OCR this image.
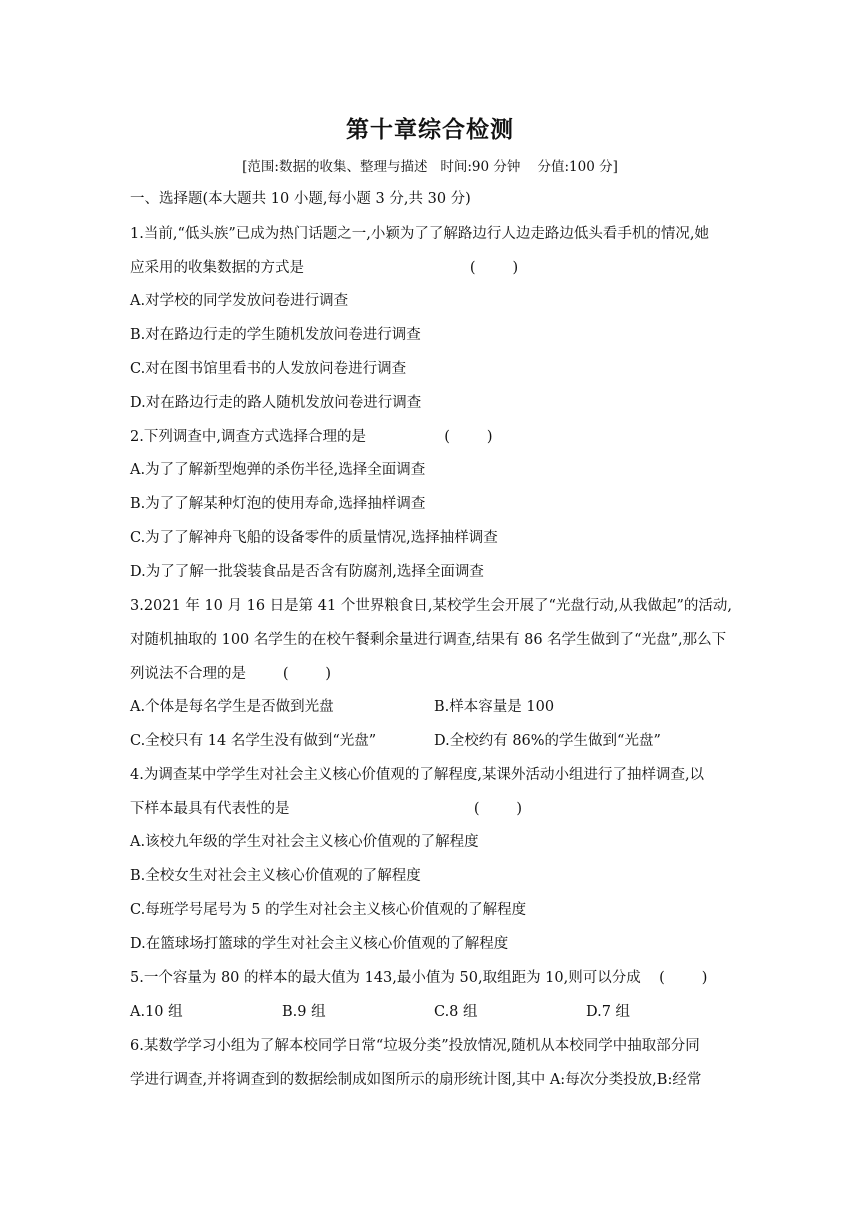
第十章综合检测
[范围:数据的收集、整理与描述   时间:90 分钟    分值:100 分]
一、选择题(本大题共 10 小题,每小题 3 分,共 30 分)
1.当前,“低头族”已成为热门话题之一,小颖为了了解路边行人边走路边低头看手机的情况,她
应采用的收集数据的方式是                                    (        )
A.对学校的同学发放问卷进行调查
B.对在路边行走的学生随机发放问卷进行调查
C.对在图书馆里看书的人发放问卷进行调查
D.对在路边行走的路人随机发放问卷进行调查
2.下列调查中,调查方式选择合理的是                 (        )
A.为了了解新型炮弹的杀伤半径,选择全面调查
B.为了了解某种灯泡的使用寿命,选择抽样调查
C.为了了解神舟飞船的设备零件的质量情况,选择抽样调查
D.为了了解一批袋装食品是否含有防腐剂,选择全面调查
3.2021 年 10 月 16 日是第 41 个世界粮食日,某校学生会开展了“光盘行动,从我做起”的活动,
对随机抽取的 100 名学生的在校午餐剩余量进行调查,结果有 86 名学生做到了“光盘”,那么下
列说法不合理的是        (        )
A.个体是每名学生是否做到光盘	B.样本容量是 100
C.全校只有 14 名学生没有做到“光盘”	D.全校约有 86%的学生做到“光盘”
4.为调查某中学学生对社会主义核心价值观的了解程度,某课外活动小组进行了抽样调查,以
下样本最具有代表性的是                                        (        )
A.该校九年级的学生对社会主义核心价值观的了解程度
B.全校女生对社会主义核心价值观的了解程度
C.每班学号尾号为 5 的学生对社会主义核心价值观的了解程度
D.在篮球场打篮球的学生对社会主义核心价值观的了解程度
5.一个容量为 80 的样本的最大值为 143,最小值为 50,取组距为 10,则可以分成    (        )
A.10 组	B.9 组	C.8 组	D.7 组
6.某数学学习小组为了解本校同学日常“垃圾分类”投放情况,随机从本校同学中抽取部分同
学进行调查,并将调查到的数据绘制成如图所示的扇形统计图,其中 A:每次分类投放,B:经常
